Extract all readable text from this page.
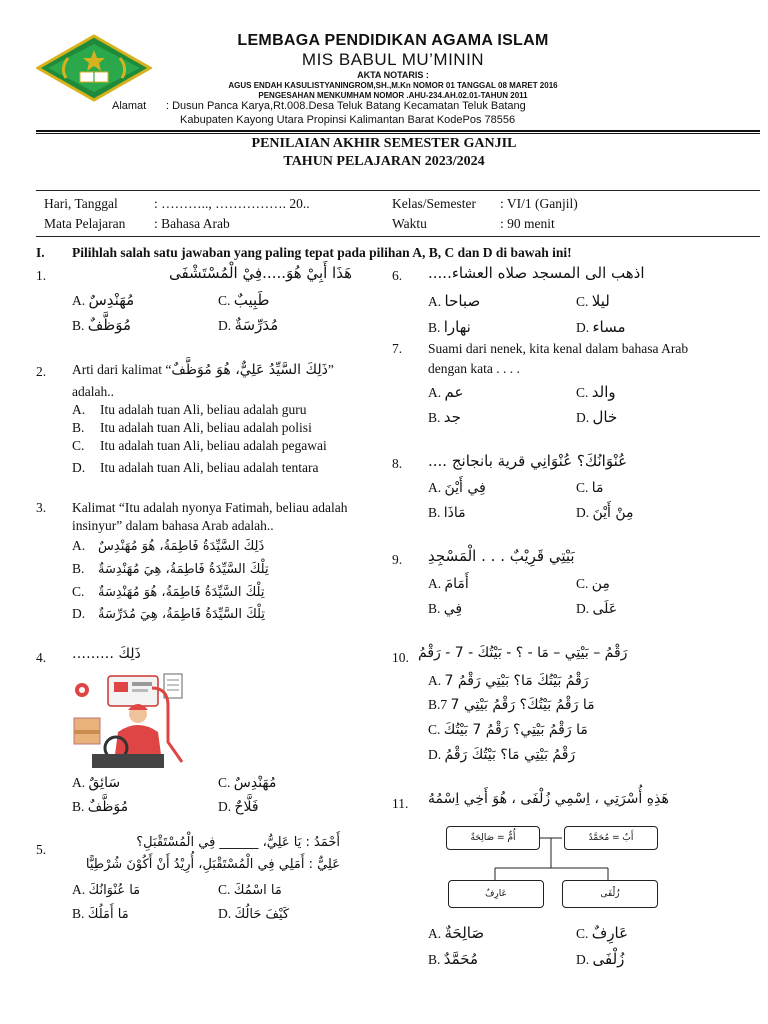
LEMBAGA PENDIDIKAN AGAMA ISLAM
MIS BABUL MU’MININ
AKTA NOTARIS :
AGUS ENDAH KASULISTYANINGROM,SH.,M.Kn NOMOR 01 TANGGAL 08 MARET 2016
PENGESAHAN MENKUMHAM NOMOR .AHU-234.AH.02.01-TAHUN 2011
Alamat : Dusun Panca Karya,Rt.008.Desa Teluk Batang Kecamatan Teluk Batang
Kabupaten Kayong Utara Propinsi Kalimantan Barat KodePos 78556
PENILAIAN AKHIR SEMESTER GANJIL
TAHUN PELAJARAN 2023/2024
Hari, Tanggal	: ……….., ……………. 20..	Kelas/Semester : VI/1 (Ganjil)
Mata Pelajaran : Bahasa Arab	Waktu	: 90 menit
I. Pilihlah salah satu jawaban yang paling tepat pada pilihan A, B, C dan D di bawah ini!
1.	هَذَا أَبِيْ هُوَ.....فِيْ الْمُسْتَشْفَى
A. مُهَنْدِسٌ	C. طَبِيبٌ
B. مُوَظَّفٌ	D. مُدَرِّسَةٌ
2. Arti dari kalimat “ذَلِكَ السَّيِّدُ عَلِيٌّ، هُوَ مُوَظَّفٌ”
adalah..
A. Itu adalah tuan Ali, beliau adalah guru
B. Itu adalah tuan Ali, beliau adalah polisi
C. Itu adalah tuan Ali, beliau adalah pegawai
D. Itu adalah tuan Ali, beliau adalah tentara
3. Kalimat “Itu adalah nyonya Fatimah, beliau adalah
insinyur” dalam bahasa Arab adalah..
A. ذَلِكَ السَّيِّدَةُ فَاطِمَةُ، هُوَ مُهَنْدِسٌ
B. تِلْكَ السَّيِّدَةُ فَاطِمَةُ، هِيَ مُهَنْدِسَةٌ
C. تِلْكَ السَّيِّدَةُ فَاطِمَةُ، هُوَ مُهَنْدِسَةٌ
D. تِلْكَ السَّيِّدَةُ فَاطِمَةُ، هِيَ مُدَرِّسَةٌ
4. ذَلِكَ ………
A. سَائِقٌ	C. مُهَنْدِسٌ
B. مُوَظَّفٌ	D. فَلَّاحٌ
5.	أَحْمَدُ : يَا عَلِيُّ، ______ فِي الْمُسْتَقْبَلِ؟
عَلِيٌّ : أَمَلِي فِي الْمُسْتَقْبَلِ، أُرِيْدُ أَنْ أَكُوْنَ شُرْطِيًّا
A. مَا عُنْوَانُكَ	C. مَا اسْمُكَ
B. مَا أَمَلُكَ	D. كَيْفَ حَالُكَ
6. اذهب الى المسجد صلاه العشاء.....
A. صباحا	C. ليلا
B. نهارا	D. مساء
7. Suami dari nenek, kita kenal dalam bahasa Arab
dengan kata . . . .
A. عم	C. والد
B. جد	D. خال
8. عُنْوَانُكَ؟ عُنْوَانِي قرية بانجانج ....
A. فِي أَيْنَ	C. مَا
B. مَاذَا	D. مِنْ أَيْنَ
9. بَيْتِي قَرِيْبٌ . . . الْمَسْجِدِ
A. أَمَامَ	C. مِن
B. فِي	D. عَلَى
10. رَقْمُ – بَيْتِي – مَا - ؟ - بَيْتُكَ - 7 - رَقْمُ
A. رَقْمُ بَيْتُكَ مَا؟ بَيْتِي رَقْمُ 7
B.7 مَا رَقْمُ بَيْتُكَ؟ رَقْمُ بَيْتِي 7
C. مَا رَقْمُ بَيْتِي؟ رَقْمُ 7 بَيْتُكَ
D. رَقْمُ بَيْتِي مَا؟ بَيْتُكَ رَقْمُ
11. هَذِهِ أُسْرَتِي ، اِسْمِي زُلْفَى ، هُوَ أَخِي اِسْمُهُ
أُمٌّ = صَالِحَةٌ	أَبٌ = مُحَمَّدٌ
عَارِفٌ	زُلْفَى
A. صَالِحَةٌ	C. عَارِفٌ
B. مُحَمَّدٌ	D. زُلْفَى
